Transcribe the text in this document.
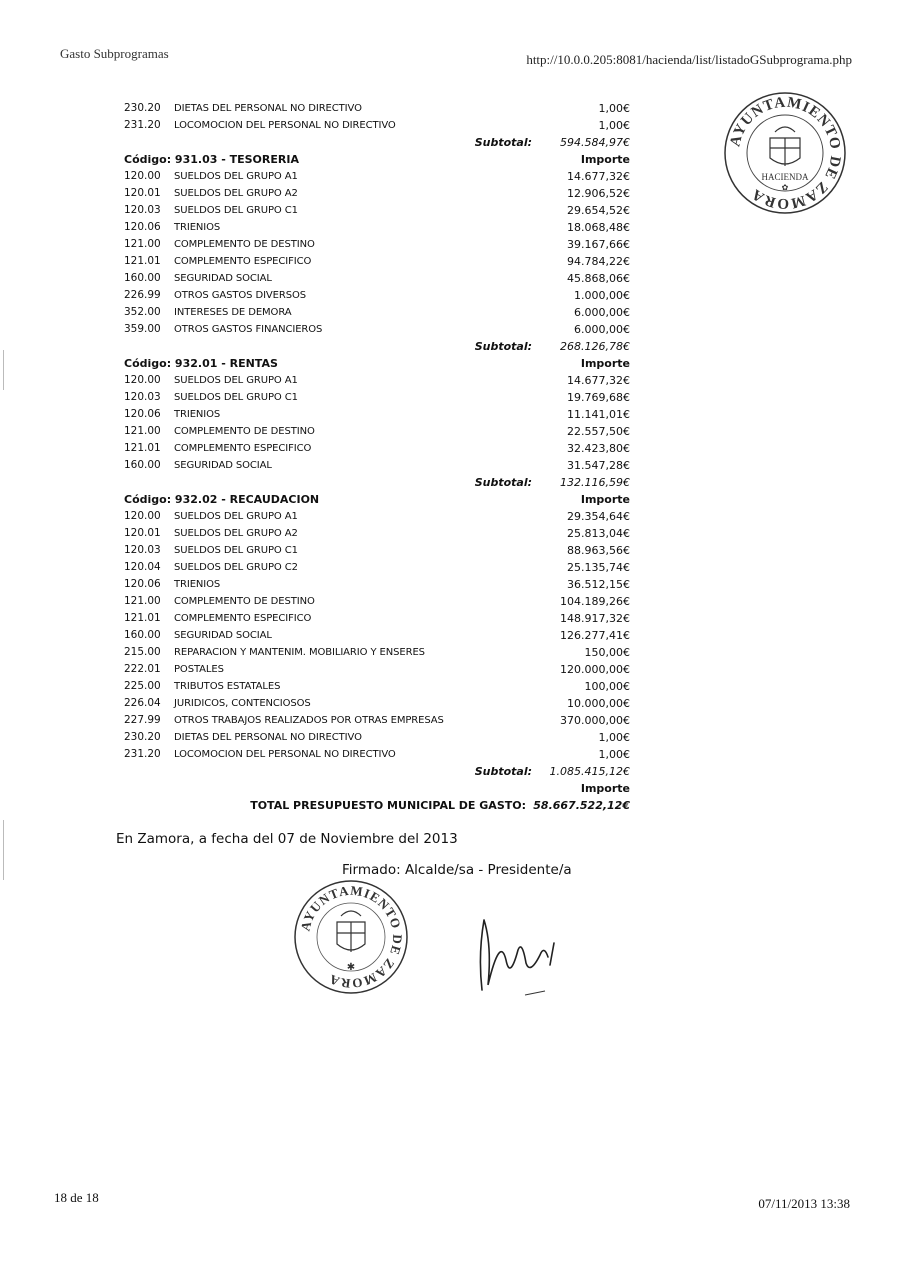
Gasto Subprogramas	http://10.0.0.205:8081/hacienda/list/listadoGSubprograma.php
230.20 DIETAS DEL PERSONAL NO DIRECTIVO	1,00€
231.20 LOCOMOCION DEL PERSONAL NO DIRECTIVO	1,00€
Subtotal:	594.584,97€
Código: 931.03 - TESORERIA	Importe
120.00 SUELDOS DEL GRUPO A1	14.677,32€
120.01 SUELDOS DEL GRUPO A2	12.906,52€
120.03 SUELDOS DEL GRUPO C1	29.654,52€
120.06 TRIENIOS	18.068,48€
121.00 COMPLEMENTO DE DESTINO	39.167,66€
121.01 COMPLEMENTO ESPECIFICO	94.784,22€
160.00 SEGURIDAD SOCIAL	45.868,06€
226.99 OTROS GASTOS DIVERSOS	1.000,00€
352.00 INTERESES DE DEMORA	6.000,00€
359.00 OTROS GASTOS FINANCIEROS	6.000,00€
Subtotal:	268.126,78€
Código: 932.01 - RENTAS	Importe
120.00 SUELDOS DEL GRUPO A1	14.677,32€
120.03 SUELDOS DEL GRUPO C1	19.769,68€
120.06 TRIENIOS	11.141,01€
121.00 COMPLEMENTO DE DESTINO	22.557,50€
121.01 COMPLEMENTO ESPECIFICO	32.423,80€
160.00 SEGURIDAD SOCIAL	31.547,28€
Subtotal:	132.116,59€
Código: 932.02 - RECAUDACION	Importe
120.00 SUELDOS DEL GRUPO A1	29.354,64€
120.01 SUELDOS DEL GRUPO A2	25.813,04€
120.03 SUELDOS DEL GRUPO C1	88.963,56€
120.04 SUELDOS DEL GRUPO C2	25.135,74€
120.06 TRIENIOS	36.512,15€
121.00 COMPLEMENTO DE DESTINO	104.189,26€
121.01 COMPLEMENTO ESPECIFICO	148.917,32€
160.00 SEGURIDAD SOCIAL	126.277,41€
215.00 REPARACION Y MANTENIM. MOBILIARIO Y ENSERES	150,00€
222.01 POSTALES	120.000,00€
225.00 TRIBUTOS ESTATALES	100,00€
226.04 JURIDICOS, CONTENCIOSOS	10.000,00€
227.99 OTROS TRABAJOS REALIZADOS POR OTRAS EMPRESAS	370.000,00€
230.20 DIETAS DEL PERSONAL NO DIRECTIVO	1,00€
231.20 LOCOMOCION DEL PERSONAL NO DIRECTIVO	1,00€
Subtotal: 1.085.415,12€
Importe
TOTAL PRESUPUESTO MUNICIPAL DE GASTO: 58.667.522,12€
En Zamora, a fecha del 07 de Noviembre del 2013
Firmado: Alcalde/sa - Presidente/a
AYUNTAMIENTO DE ZAMORA
HACIENDA
✿
AYUNTAMIENTO DE ZAMORA
✱
18 de 18	07/11/2013 13:38
